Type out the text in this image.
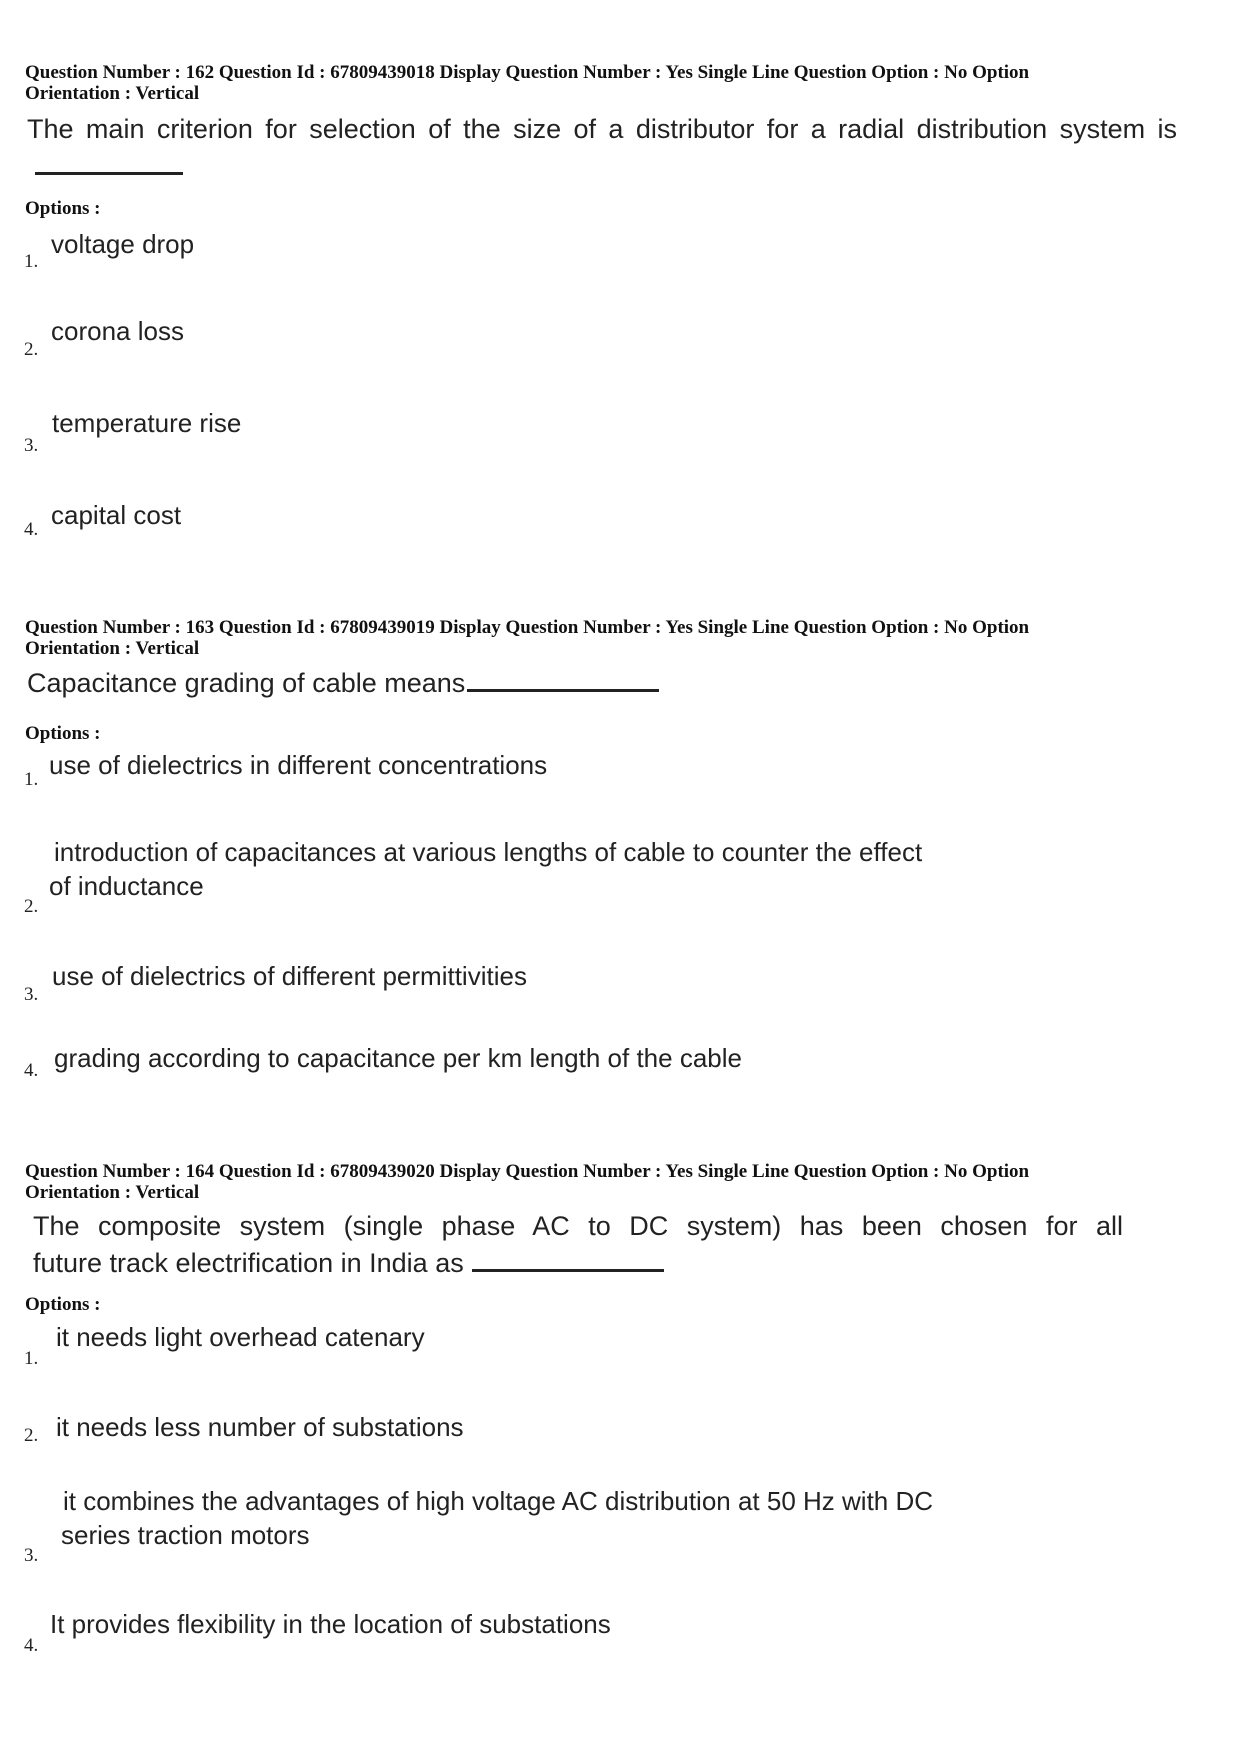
Question Number : 162 Question Id : 67809439018 Display Question Number : Yes Single Line Question Option : No Option
Orientation : Vertical
The main criterion for selection of the size of a distributor for a radial distribution system is
Options :
1.
voltage drop
2.
corona loss
3.
temperature rise
4. capital cost
Question Number : 163 Question Id : 67809439019 Display Question Number : Yes Single Line Question Option : No Option
Orientation : Vertical
Capacitance grading of cable means
Options :
1. use of dielectrics in different concentrations
2.
introduction of capacitances at various lengths of cable to counter the effect
of inductance
3.
use of dielectrics of different permittivities
4. grading according to capacitance per km length of the cable
Question Number : 164 Question Id : 67809439020 Display Question Number : Yes Single Line Question Option : No Option
Orientation : Vertical
The composite system (single phase AC to DC system) has been chosen for all
future track electrification in India as
Options :
1.
it needs light overhead catenary
2. it needs less number of substations
3.
it combines the advantages of high voltage AC distribution at 50 Hz with DC
series traction motors
4.
It provides flexibility in the location of substations
